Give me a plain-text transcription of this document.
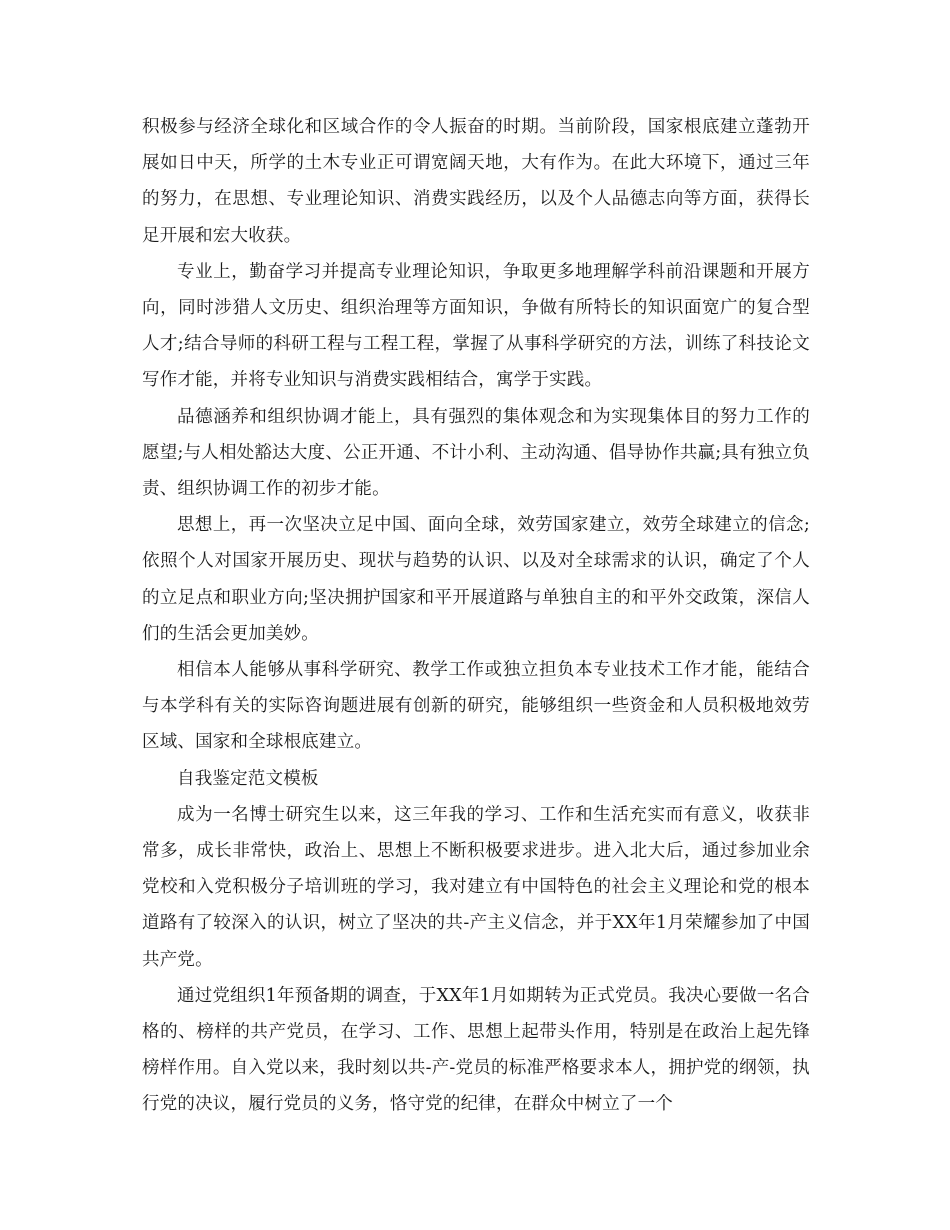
积极参与经济全球化和区域合作的令人振奋的时期。当前阶段，国家根底建立蓬勃开展如日中天，所学的土木专业正可谓宽阔天地，大有作为。在此大环境下，通过三年的努力，在思想、专业理论知识、消费实践经历，以及个人品德志向等方面，获得长足开展和宏大收获。

专业上，勤奋学习并提高专业理论知识，争取更多地理解学科前沿课题和开展方向，同时涉猎人文历史、组织治理等方面知识，争做有所特长的知识面宽广的复合型人才;结合导师的科研工程与工程工程，掌握了从事科学研究的方法，训练了科技论文写作才能，并将专业知识与消费实践相结合，寓学于实践。

品德涵养和组织协调才能上，具有强烈的集体观念和为实现集体目的努力工作的愿望;与人相处豁达大度、公正开通、不计小利、主动沟通、倡导协作共赢;具有独立负责、组织协调工作的初步才能。

思想上，再一次坚决立足中国、面向全球，效劳国家建立，效劳全球建立的信念;依照个人对国家开展历史、现状与趋势的认识、以及对全球需求的认识，确定了个人的立足点和职业方向;坚决拥护国家和平开展道路与单独自主的和平外交政策，深信人们的生活会更加美妙。

相信本人能够从事科学研究、教学工作或独立担负本专业技术工作才能，能结合与本学科有关的实际咨询题进展有创新的研究，能够组织一些资金和人员积极地效劳区域、国家和全球根底建立。

自我鉴定范文模板

成为一名博士研究生以来，这三年我的学习、工作和生活充实而有意义，收获非常多，成长非常快，政治上、思想上不断积极要求进步。进入北大后，通过参加业余党校和入党积极分子培训班的学习，我对建立有中国特色的社会主义理论和党的根本道路有了较深入的认识，树立了坚决的共-产主义信念，并于XX年1月荣耀参加了中国共产党。

通过党组织1年预备期的调查，于XX年1月如期转为正式党员。我决心要做一名合格的、榜样的共产党员，在学习、工作、思想上起带头作用，特别是在政治上起先锋榜样作用。自入党以来，我时刻以共-产-党员的标准严格要求本人，拥护党的纲领，执行党的决议，履行党员的义务，恪守党的纪律，在群众中树立了一个
